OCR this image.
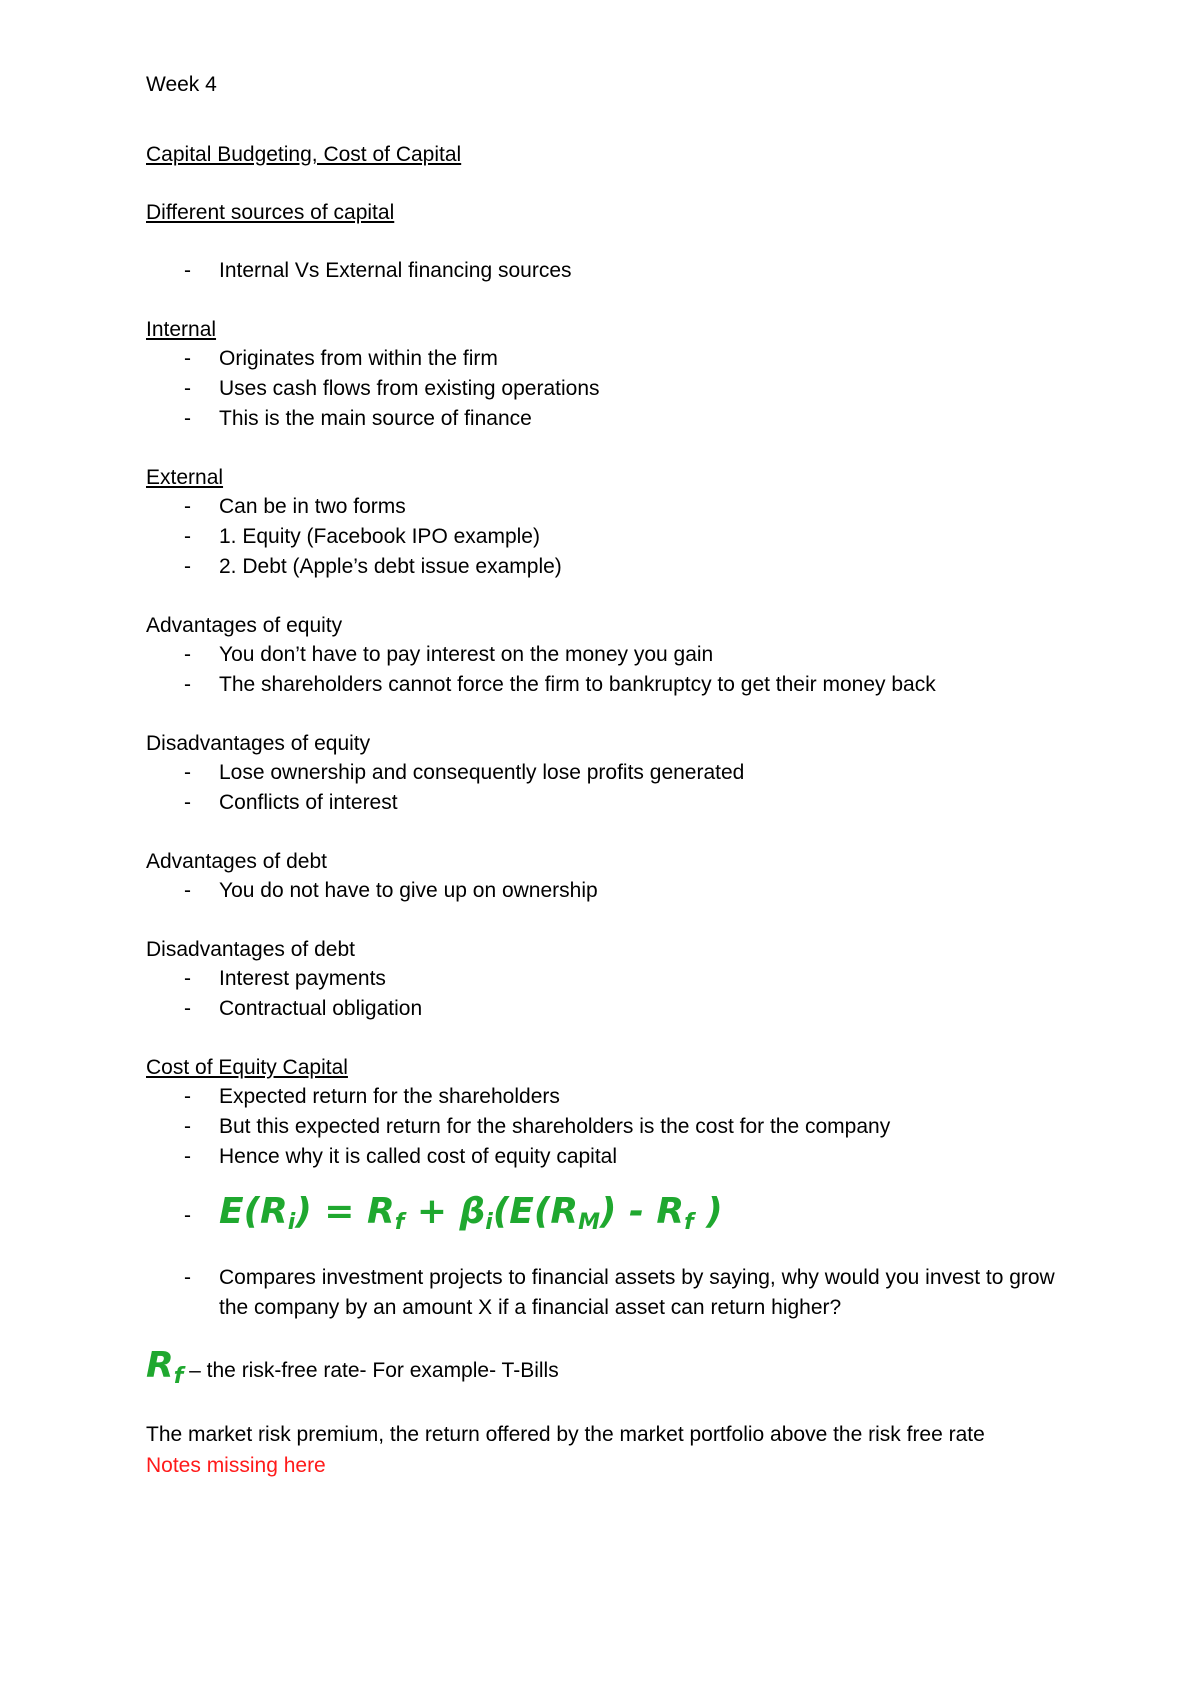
Week 4
Capital Budgeting, Cost of Capital
Different sources of capital
- Internal Vs External financing sources
Internal
- Originates from within the firm
- Uses cash flows from existing operations
- This is the main source of finance
External
- Can be in two forms
- 1. Equity (Facebook IPO example)
- 2. Debt (Apple’s debt issue example)
Advantages of equity
- You don’t have to pay interest on the money you gain
- The shareholders cannot force the firm to bankruptcy to get their money back
Disadvantages of equity
- Lose ownership and consequently lose profits generated
- Conflicts of interest
Advantages of debt
- You do not have to give up on ownership
Disadvantages of debt
- Interest payments
- Contractual obligation
Cost of Equity Capital
- Expected return for the shareholders
- But this expected return for the shareholders is the cost for the company
- Hence why it is called cost of equity capital
- $E(R_i) = R_f + \beta_i(E(R_M) - R_f$ )
- Compares investment projects to financial assets by saying, why would you invest to grow the company by an amount X if a financial asset can return higher?
$R_f$ – the risk-free rate- For example- T-Bills
The market risk premium, the return offered by the market portfolio above the risk free rate
Notes missing here
